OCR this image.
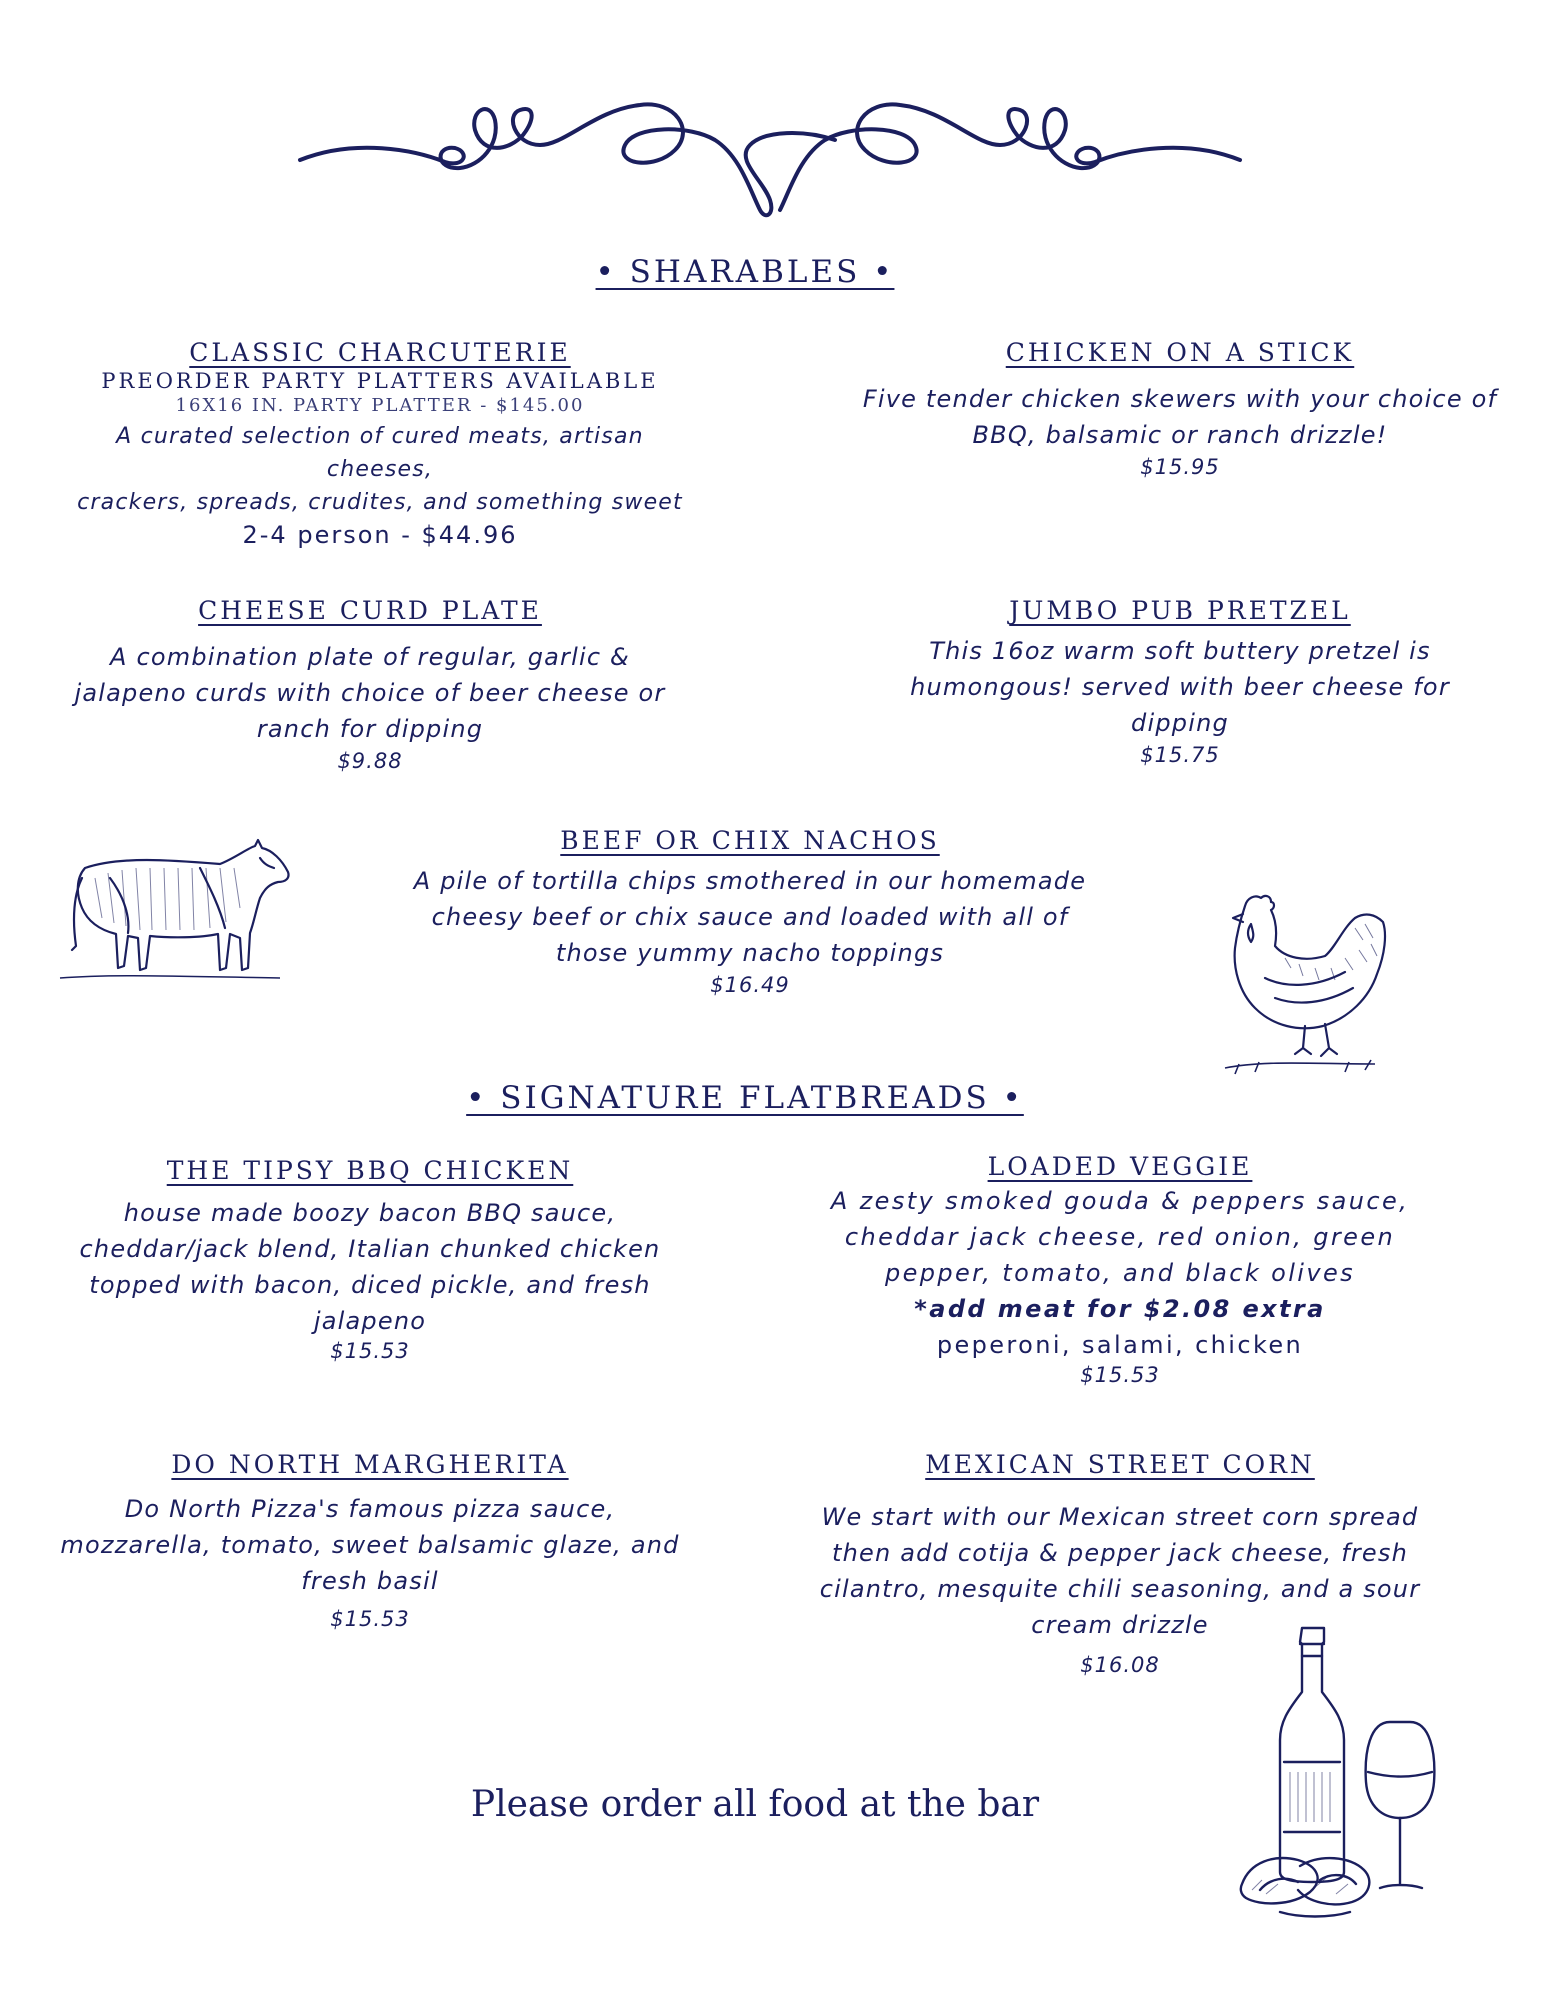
• SHARABLES •
CLASSIC CHARCUTERIE
PREORDER PARTY PLATTERS AVAILABLE
16X16 IN. PARTY PLATTER - $145.00
A curated selection of cured meats, artisan cheeses,
crackers, spreads, crudites, and something sweet
2-4 person - $44.96
CHICKEN ON A STICK
Five tender chicken skewers with your choice of
BBQ, balsamic or ranch drizzle!
$15.95
CHEESE CURD PLATE
A combination plate of regular, garlic &
jalapeno curds with choice of beer cheese or
ranch for dipping
$9.88
JUMBO PUB PRETZEL
This 16oz warm soft buttery pretzel is
humongous! served with beer cheese for
dipping
$15.75
BEEF OR CHIX NACHOS
A pile of tortilla chips smothered in our homemade
cheesy beef or chix sauce and loaded with all of
those yummy nacho toppings
$16.49
• SIGNATURE FLATBREADS •
THE TIPSY BBQ CHICKEN
house made boozy bacon BBQ sauce,
cheddar/jack blend, Italian chunked chicken
topped with bacon, diced pickle, and fresh
jalapeno
$15.53
LOADED VEGGIE
A zesty smoked gouda & peppers sauce,
cheddar jack cheese, red onion, green
pepper, tomato, and black olives
*add meat for $2.08 extra
peperoni, salami, chicken
$15.53
DO NORTH MARGHERITA
Do North Pizza's famous pizza sauce,
mozzarella, tomato, sweet balsamic glaze, and
fresh basil
$15.53
MEXICAN STREET CORN
We start with our Mexican street corn spread
then add cotija & pepper jack cheese, fresh
cilantro, mesquite chili seasoning, and a sour
cream drizzle
$16.08
Please order all food at the bar
